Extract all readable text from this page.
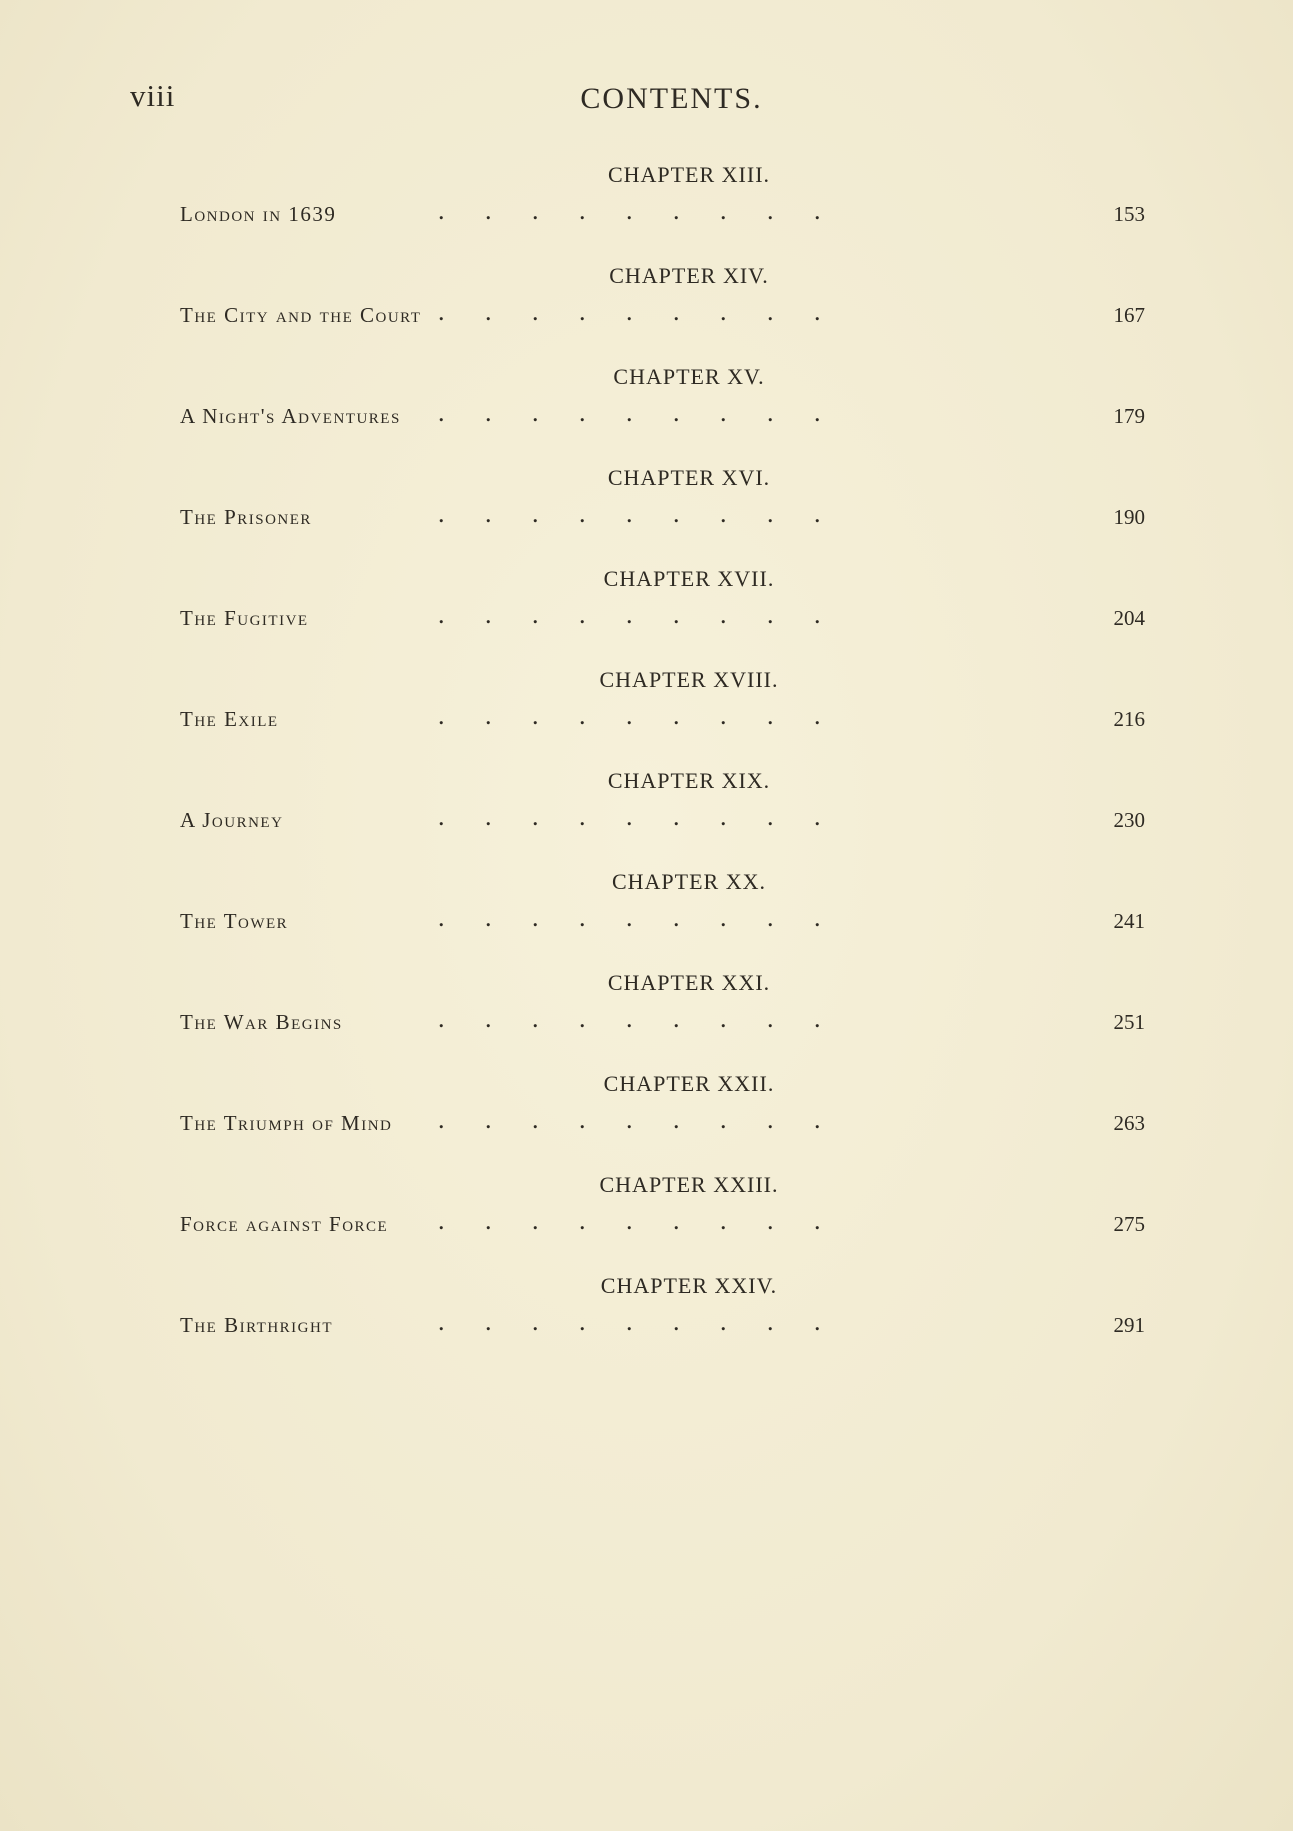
viii	CONTENTS.
CHAPTER XIII.
London in 1639	. . . . . . . . .	153
CHAPTER XIV.
The City and the Court . . . . . . . . .	167
CHAPTER XV.
A Night's Adventures . . . . . . . . .	179
CHAPTER XVI.
The Prisoner	. . . . . . . . .	190
CHAPTER XVII.
The Fugitive	. . . . . . . . .	204
CHAPTER XVIII.
The Exile	. . . . . . . . .	216
CHAPTER XIX.
A Journey	. . . . . . . . .	230
CHAPTER XX.
The Tower	. . . . . . . . .	241
CHAPTER XXI.
The War Begins	. . . . . . . . .	251
CHAPTER XXII.
The Triumph of Mind . . . . . . . . .	263
CHAPTER XXIII.
Force against Force . . . . . . . . .	275
CHAPTER XXIV.
The Birthright	. . . . . . . . .	291
